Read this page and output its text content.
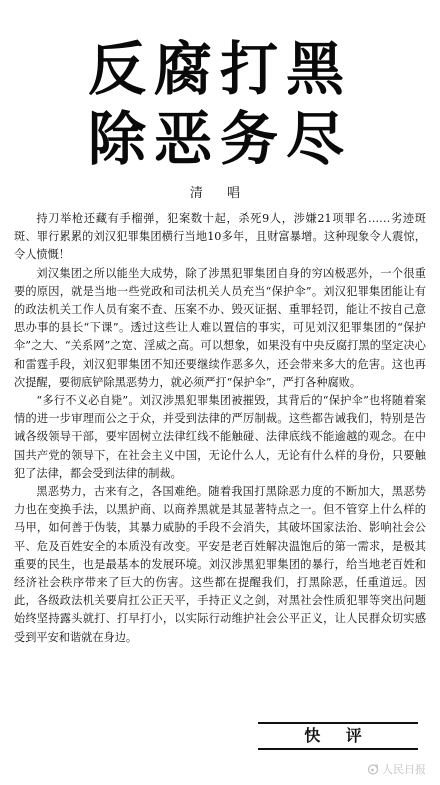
反腐打黑
除恶务尽
清 唱

持刀举枪还藏有手榴弹，犯案数十起，杀死9人，涉嫌21项罪名……劣迹斑斑、罪行累累的刘汉犯罪集团横行当地10多年，且财富暴增。这种现象令人震惊，令人愤慨！

刘汉集团之所以能坐大成势，除了涉黑犯罪集团自身的穷凶极恶外，一个很重要的原因，就是当地一些党政和司法机关人员充当“保护伞”。刘汉犯罪集团能让有的政法机关工作人员有案不查、压案不办、毁灭证据、重罪轻罚，能让不按自己意思办事的县长“下课”。透过这些让人难以置信的事实，可见刘汉犯罪集团的“保护伞”之大、“关系网”之宽、淫威之高。可以想象，如果没有中央反腐打黑的坚定决心和雷霆手段，刘汉犯罪集团不知还要继续作恶多久，还会带来多大的危害。这也再次提醒，要彻底铲除黑恶势力，就必须严打“保护伞”，严打各种腐败。

“多行不义必自毙”。刘汉涉黑犯罪集团被摧毁，其背后的“保护伞”也将随着案情的进一步审理而公之于众，并受到法律的严厉制裁。这些都告诫我们，特别是告诫各级领导干部，要牢固树立法律红线不能触碰、法律底线不能逾越的观念。在中国共产党的领导下，在社会主义中国，无论什么人，无论有什么样的身份，只要触犯了法律，都会受到法律的制裁。

黑恶势力，古来有之，各国难绝。随着我国打黑除恶力度的不断加大，黑恶势力也在变换手法，以黑护商、以商养黑就是其显著特点之一。但不管穿上什么样的马甲，如何善于伪装，其暴力威胁的手段不会消失，其破坏国家法治、影响社会公平、危及百姓安全的本质没有改变。平安是老百姓解决温饱后的第一需求，是极其重要的民生，也是最基本的发展环境。刘汉涉黑犯罪集团的暴行，给当地老百姓和经济社会秩序带来了巨大的伤害。这些都在提醒我们，打黑除恶，任重道远。因此，各级政法机关要肩扛公正天平，手持正义之剑，对黑社会性质犯罪等突出问题始终坚持露头就打、打早打小，以实际行动维护社会公平正义，让人民群众切实感受到平安和谐就在身边。

快 评
人民日报
